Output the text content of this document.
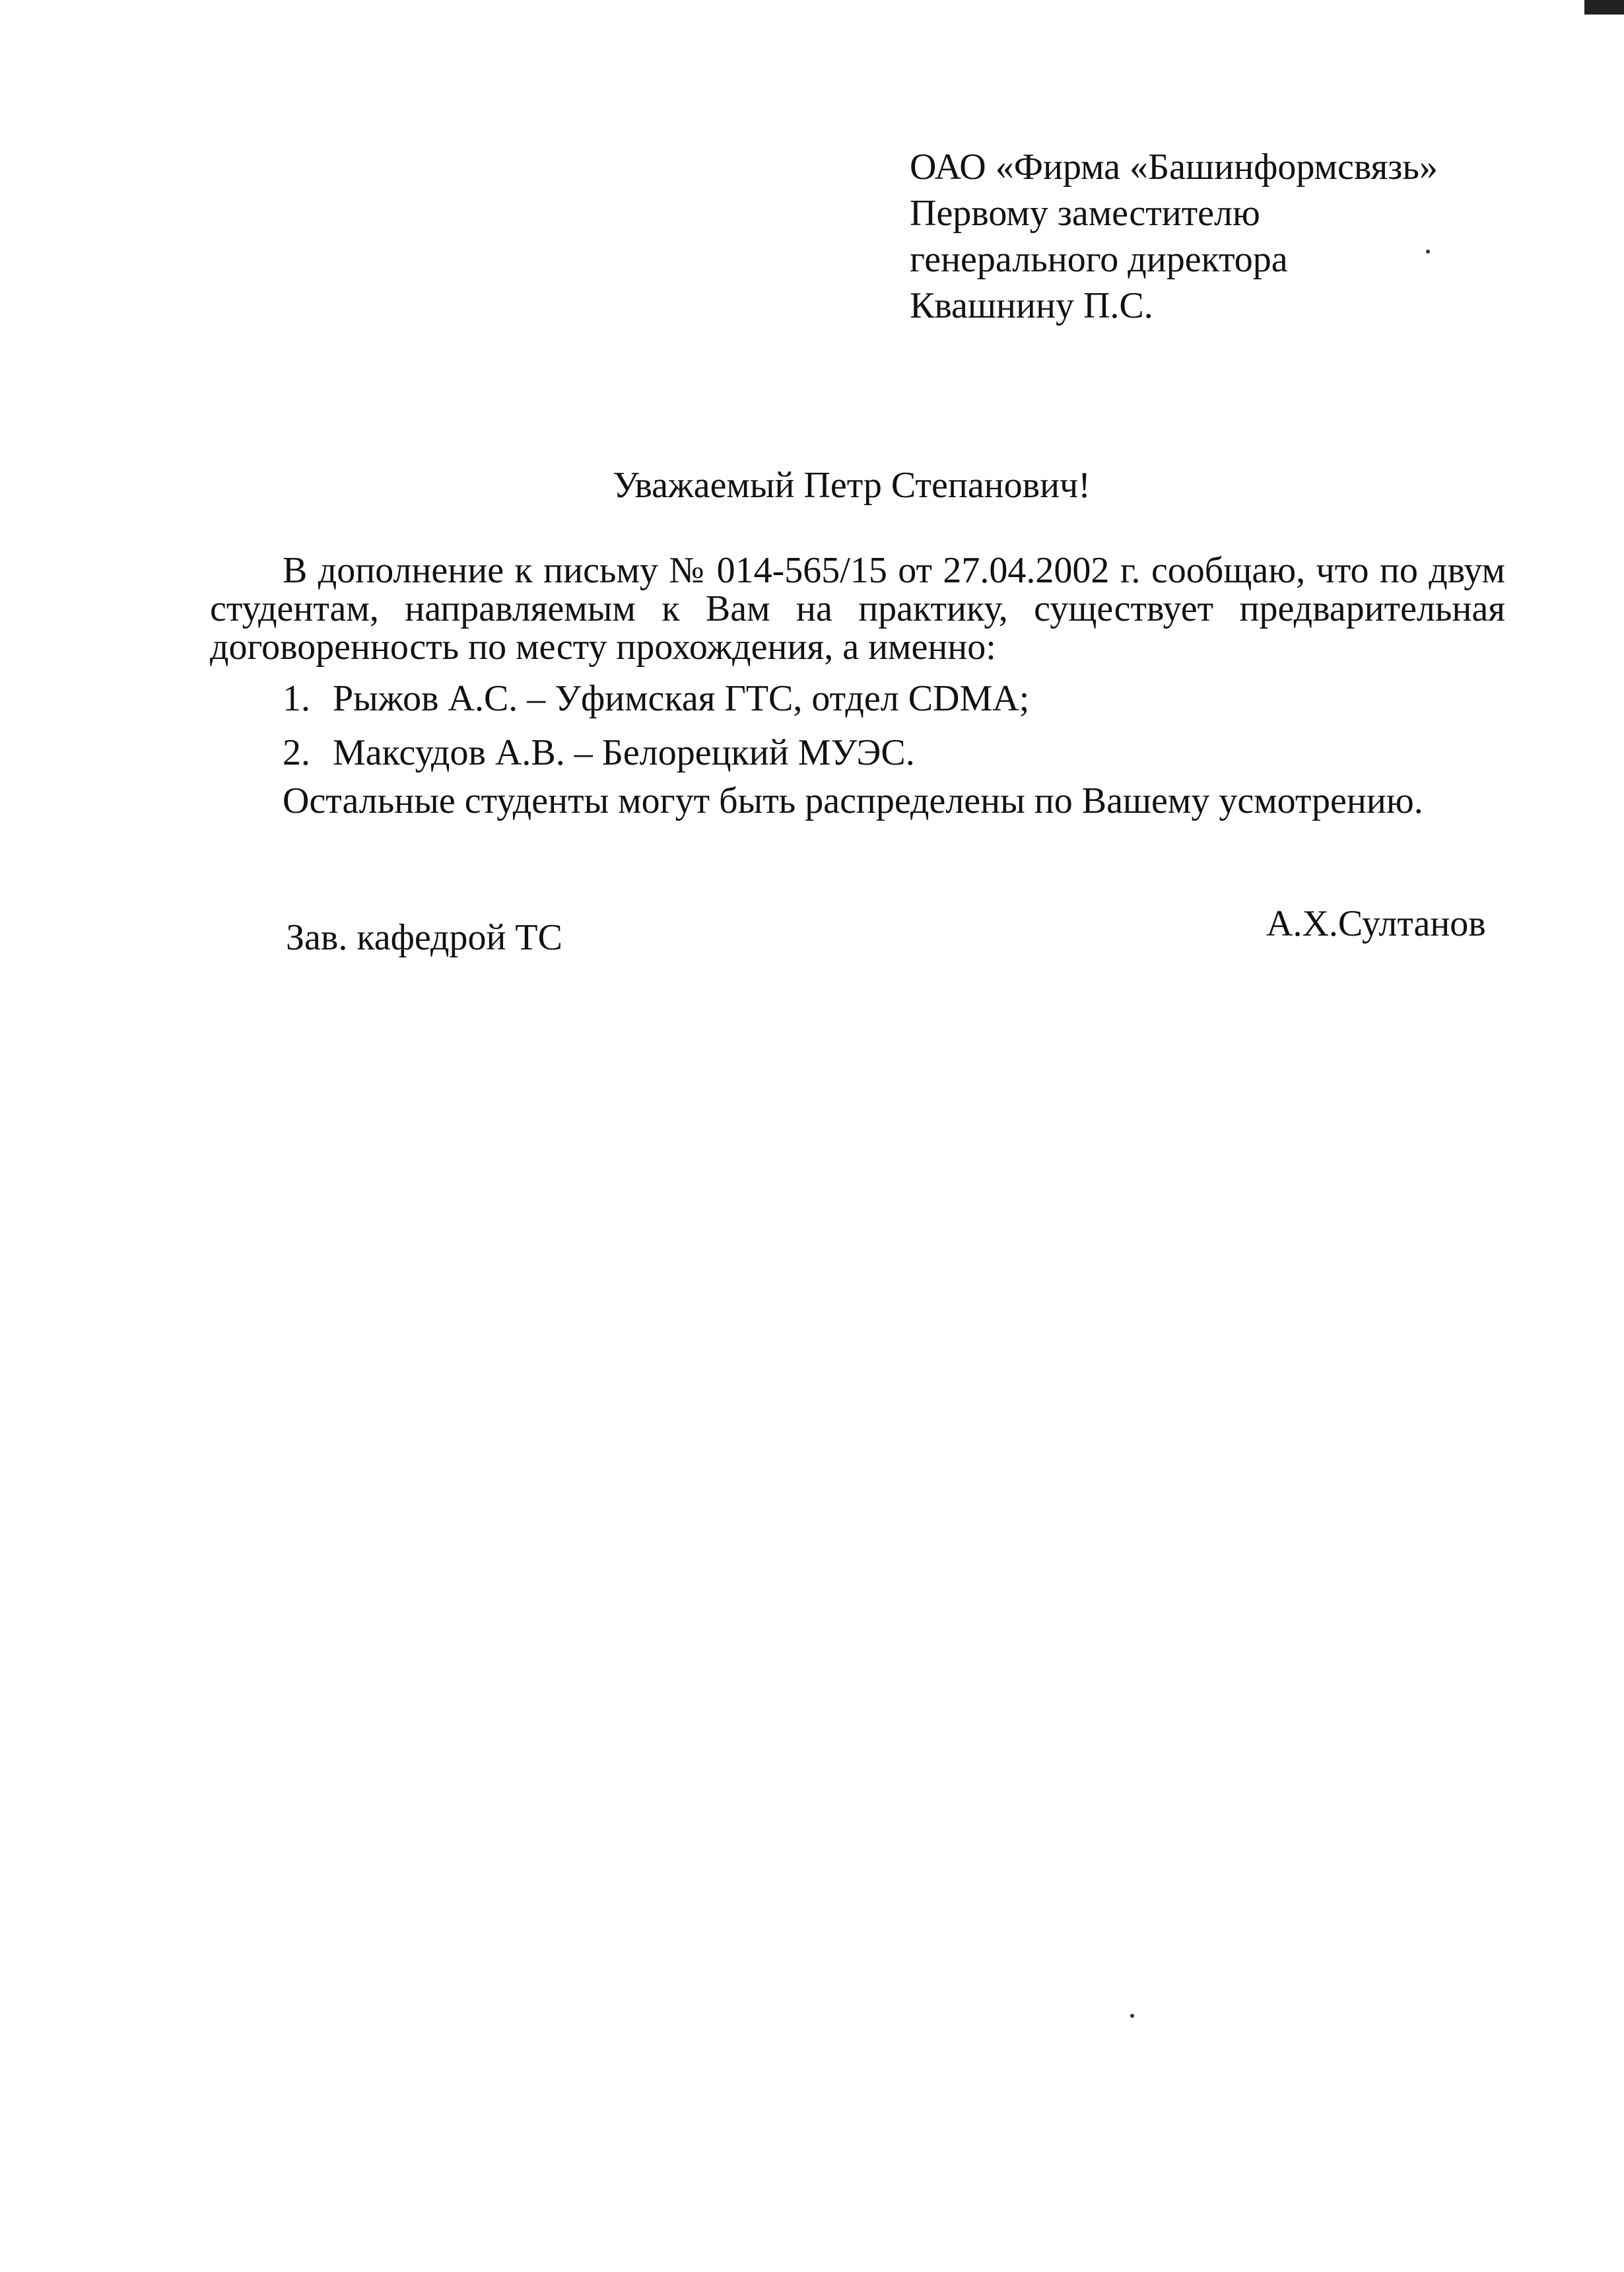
ОАО «Фирма «Башинформсвязь»
Первому заместителю
генерального директора
Квашнину П.С.
Уважаемый Петр Степанович!

В дополнение к письму № 014-565/15 от 27.04.2002 г. сообщаю, что по двум студентам, направляемым к Вам на практику, существует предварительная договоренность по месту прохождения, а именно:

1. Рыжов А.С. – Уфимская ГТС, отдел CDMA;
2. Максудов А.В. – Белорецкий МУЭС.

Остальные студенты могут быть распределены по Вашему усмотрению.

Зав. кафедрой ТС	А.Х.Султанов
